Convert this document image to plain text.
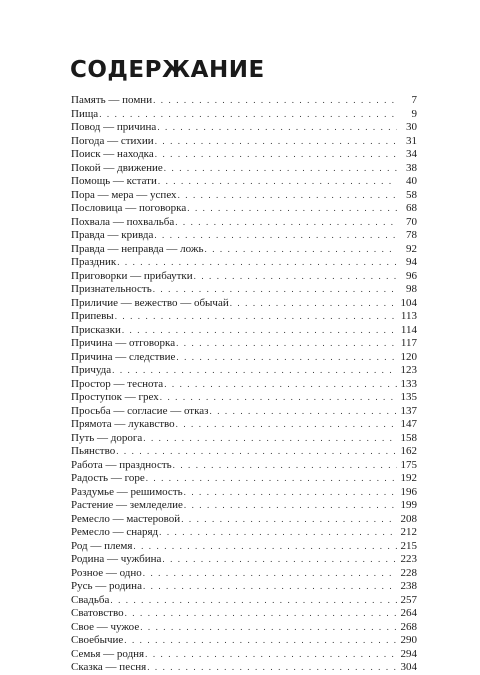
СОДЕРЖАНИЕ
Память — помни . . .	7
Пища . . .	9
Повод — причина . . .	30
Погода — стихии . . .	31
Поиск — находка . . .	34
Покой — движение . . .	38
Помощь — кстати . . .	40
Пора — мера — успех . . .	58
Пословица — поговорка . . .	68
Похвала — похвальба . . .	70
Правда — кривда . . .	78
Правда — неправда — ложь . . .	92
Праздник . . .	94
Приговорки — прибаутки . . .	96
Признательность . . .	98
Приличие — вежество — обычай . . .	104
Припевы . . .	113
Присказки . . .	114
Причина — отговорка . . .	117
Причина — следствие . . .	120
Причуда . . .	123
Простор — теснота . . .	133
Проступок — грех . . .	135
Просьба — согласие — отказ . . .	137
Прямота — лукавство . . .	147
Путь — дорога . . .	158
Пьянство . . .	162
Работа — праздность . . .	175
Радость — горе . . .	192
Раздумье — решимость . . .	196
Растение — земледелие . . .	199
Ремесло — мастеровой . . .	208
Ремесло — снаряд . . .	212
Род — племя . . .	215
Родина — чужбина . . .	223
Розное — одно . . .	228
Русь — родина . . .	238
Свадьба . . .	257
Сватовство . . .	264
Свое — чужое . . .	268
Своебычие . . .	290
Семья — родня . . .	294
Сказка — песня . . .	304
